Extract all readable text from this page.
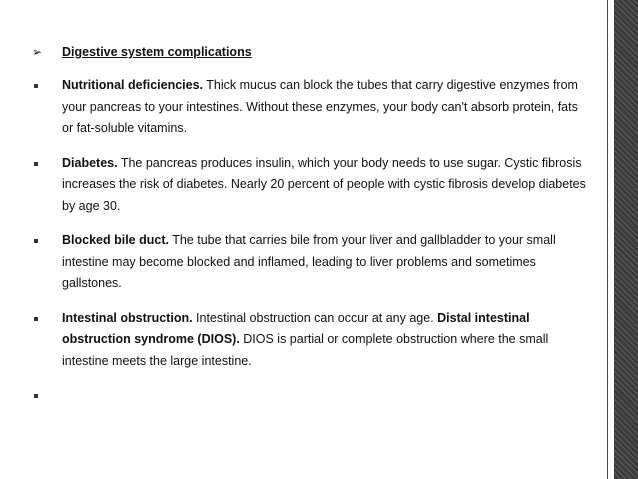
➢ Digestive system complications
Nutritional deficiencies. Thick mucus can block the tubes that carry digestive enzymes from your pancreas to your intestines. Without these enzymes, your body can't absorb protein, fats or fat-soluble vitamins.
Diabetes. The pancreas produces insulin, which your body needs to use sugar. Cystic fibrosis increases the risk of diabetes. Nearly 20 percent of people with cystic fibrosis develop diabetes by age 30.
Blocked bile duct. The tube that carries bile from your liver and gallbladder to your small intestine may become blocked and inflamed, leading to liver problems and sometimes gallstones.
Intestinal obstruction. Intestinal obstruction can occur at any age. Distal intestinal obstruction syndrome (DIOS). DIOS is partial or complete obstruction where the small intestine meets the large intestine.
